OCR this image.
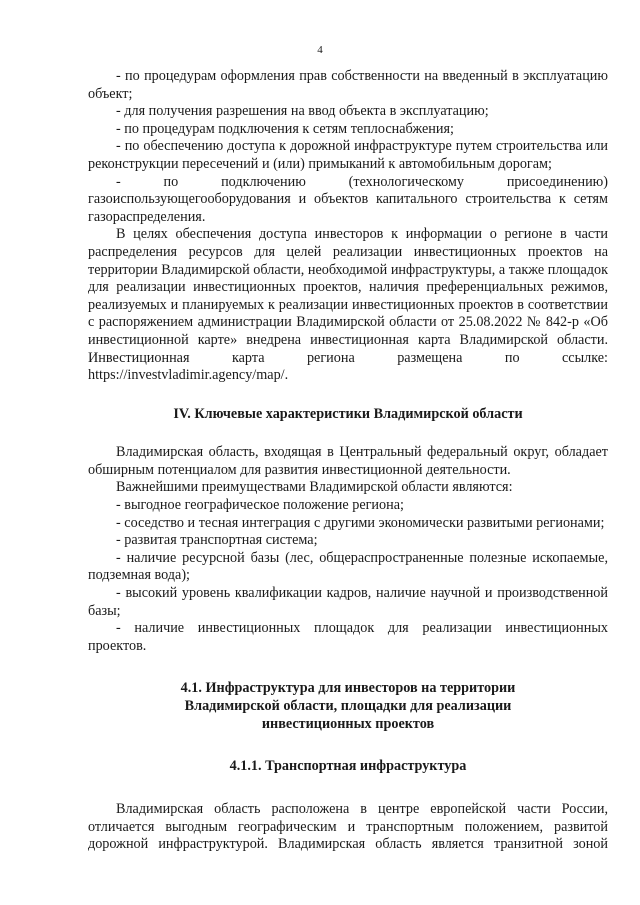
4

- по процедурам оформления прав собственности на введенный в эксплуатацию объект;

- для получения разрешения на ввод объекта в эксплуатацию;

- по процедурам подключения к сетям теплоснабжения;

- по обеспечению доступа к дорожной инфраструктуре путем строительства или реконструкции пересечений и (или) примыканий к автомобильным дорогам;

- по подключению (технологическому присоединению) газоиспользующегооборудования и объектов капитального строительства к сетям газораспределения.

В целях обеспечения доступа инвесторов к информации о регионе в части распределения ресурсов для целей реализации инвестиционных проектов на территории Владимирской области, необходимой инфраструктуры, а также площадок для реализации инвестиционных проектов, наличия преференциальных режимов, реализуемых и планируемых к реализации инвестиционных проектов в соответствии с распоряжением администрации Владимирской области от 25.08.2022 № 842-р «Об инвестиционной карте» внедрена инвестиционная карта Владимирской области. Инвестиционная карта региона размещена по ссылке: https://investvladimir.agency/map/.

IV. Ключевые характеристики Владимирской области

Владимирская область, входящая в Центральный федеральный округ, обладает обширным потенциалом для развития инвестиционной деятельности.

Важнейшими преимуществами Владимирской области являются:

- выгодное географическое положение региона;

- соседство и тесная интеграция с другими экономически развитыми регионами;

- развитая транспортная система;

- наличие ресурсной базы (лес, общераспространенные полезные ископаемые, подземная вода);

- высокий уровень квалификации кадров, наличие научной и производственной базы;

- наличие инвестиционных площадок для реализации инвестиционных проектов.

4.1. Инфраструктура для инвесторов на территории
Владимирской области, площадки для реализации
инвестиционных проектов

4.1.1. Транспортная инфраструктура

Владимирская область расположена в центре европейской части России, отличается выгодным географическим и транспортным положением, развитой дорожной инфраструктурой. Владимирская область является транзитной зоной
